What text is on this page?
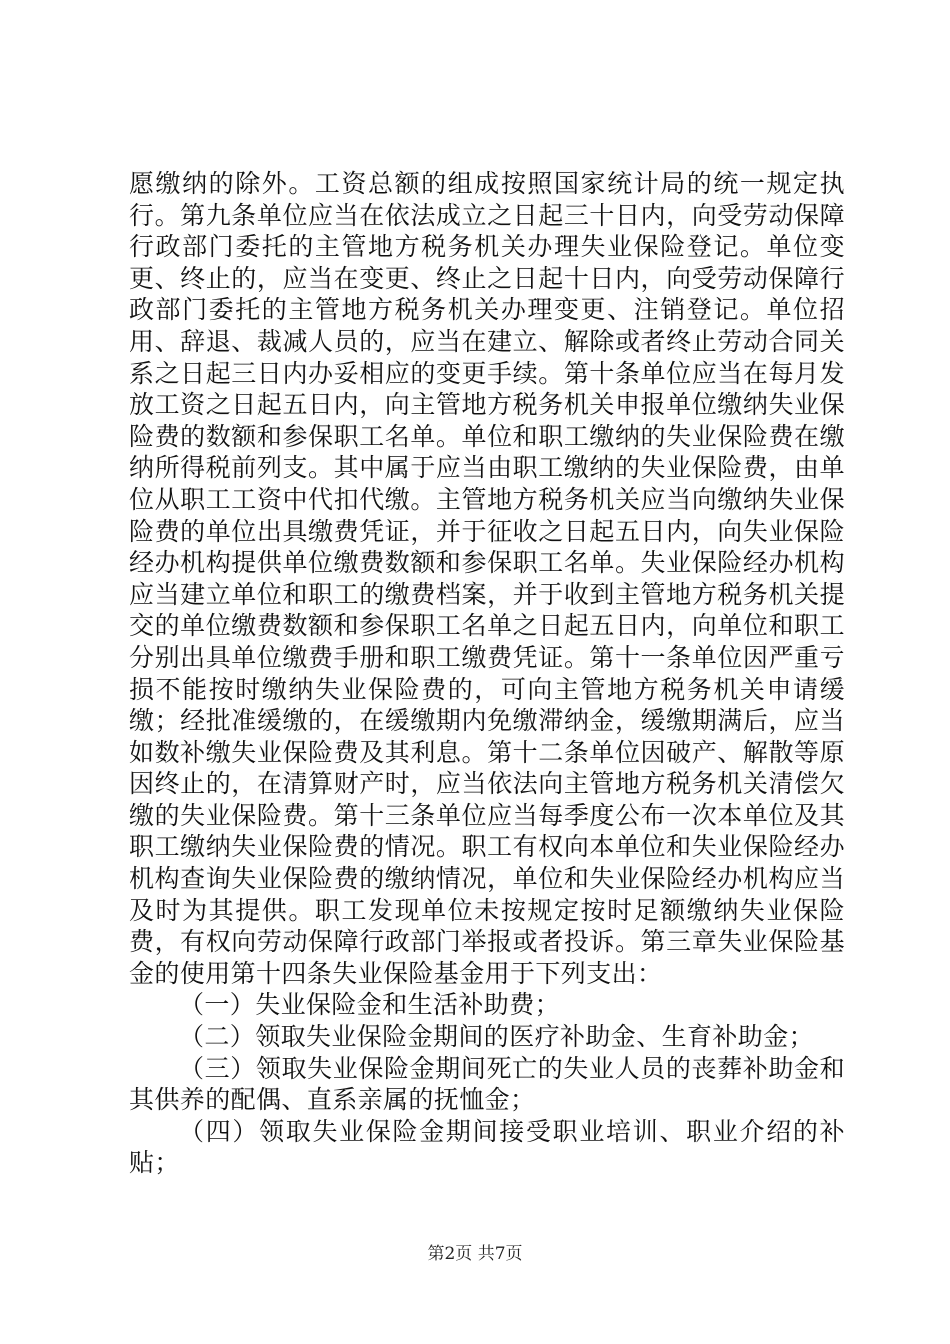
愿缴纳的除外。工资总额的组成按照国家统计局的统一规定执行。第九条单位应当在依法成立之日起三十日内，向受劳动保障行政部门委托的主管地方税务机关办理失业保险登记。单位变更、终止的，应当在变更、终止之日起十日内，向受劳动保障行政部门委托的主管地方税务机关办理变更、注销登记。单位招用、辞退、裁减人员的，应当在建立、解除或者终止劳动合同关系之日起三日内办妥相应的变更手续。第十条单位应当在每月发放工资之日起五日内，向主管地方税务机关申报单位缴纳失业保险费的数额和参保职工名单。单位和职工缴纳的失业保险费在缴纳所得税前列支。其中属于应当由职工缴纳的失业保险费，由单位从职工工资中代扣代缴。主管地方税务机关应当向缴纳失业保险费的单位出具缴费凭证，并于征收之日起五日内，向失业保险经办机构提供单位缴费数额和参保职工名单。失业保险经办机构应当建立单位和职工的缴费档案，并于收到主管地方税务机关提交的单位缴费数额和参保职工名单之日起五日内，向单位和职工分别出具单位缴费手册和职工缴费凭证。第十一条单位因严重亏损不能按时缴纳失业保险费的，可向主管地方税务机关申请缓缴；经批准缓缴的，在缓缴期内免缴滞纳金，缓缴期满后，应当如数补缴失业保险费及其利息。第十二条单位因破产、解散等原因终止的，在清算财产时，应当依法向主管地方税务机关清偿欠缴的失业保险费。第十三条单位应当每季度公布一次本单位及其职工缴纳失业保险费的情况。职工有权向本单位和失业保险经办机构查询失业保险费的缴纳情况，单位和失业保险经办机构应当及时为其提供。职工发现单位未按规定按时足额缴纳失业保险费，有权向劳动保障行政部门举报或者投诉。第三章失业保险基金的使用第十四条失业保险基金用于下列支出：

（一）失业保险金和生活补助费；

（二）领取失业保险金期间的医疗补助金、生育补助金；

（三）领取失业保险金期间死亡的失业人员的丧葬补助金和其供养的配偶、直系亲属的抚恤金；

（四）领取失业保险金期间接受职业培训、职业介绍的补贴；

第2页 共7页
